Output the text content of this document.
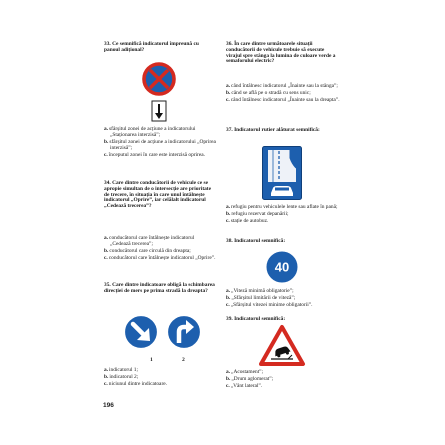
33. Ce semnifică indicatorul împreună cu panoul adițional?

a.sfârșitul zonei de acțiune a indicatorului „Staționarea interzisă”;

b.sfârșitul zonei de acțiune a indicatorului „Oprirea interzisă”;

c.începutul zonei în care este interzisă oprirea.

34. Care dintre conducătorii de vehicule ce se apropie simultan de o intersecție are prioritate de trecere, în situația în care unul întâlnește indicatorul „Oprire”, iar celălalt indicatorul „Cedează trecerea”?

a.conducătorul care întâlnește indicatorul „Cedează trecerea”;

b.conducătorul care circulă din dreapta;

c.conducătorul care întâlnește indicatorul „Oprire”.

35. Care dintre indicatoare obligă la schimbarea direcției de mers pe prima stradă la dreapta?

1	2

a.indicatorul 1;

b.indicatorul 2;

c.niciunul dintre indicatoare.

196

36. În care dintre următoarele situații conducătorii de vehicule trebuie să execute virajul spre stânga la lumina de culoare verde a semaforului electric?

a.când întâlnesc indicatorul „Înainte sau la stânga”;

b.când se află pe o stradă cu sens unic;

c.când întâlnesc indicatorul „Înainte sau la dreapta”.

37. Indicatorul rutier alăturat semnifică:

a.refugiu pentru vehiculele lente sau aflate în pană;

b.refugiu rezervat depanării;

c.stație de autobuz.

38. Indicatorul semnifică:

40

a.„Viteză minimă obligatorie”;

b.„Sfârșitul limitării de viteză”;

c.„Sfârșitul vitezei minime obligatorii”.

39. Indicatorul semnifică:

a.„Acostament”;

b.„Drum aglomerat”;

c.„Vânt lateral”.
